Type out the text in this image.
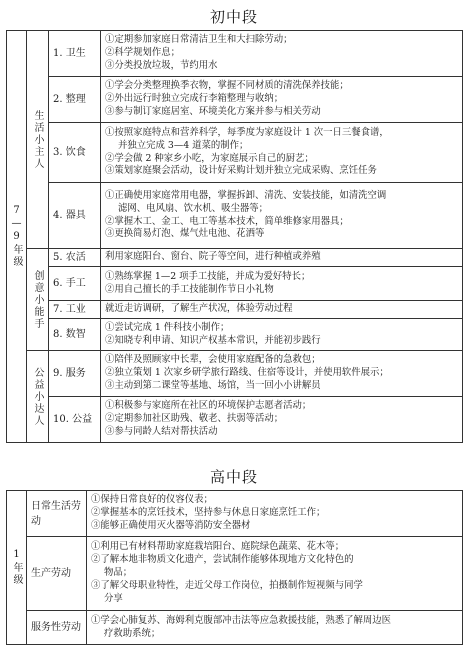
初中段
7—9年级	生活小主人	1. 卫生	①定期参加家庭日常清洁卫生和大扫除劳动；
②科学规划作息；
③分类投放垃圾，节约用水

		2. 整理	①学会分类整理换季衣物，掌握不同材质的清洗保养技能；
②外出远行时独立完成行李箱整理与收纳；
③参与制订家庭居室、环境美化方案并参与相关劳动

		3. 饮食	①按照家庭特点和营养科学，每季度为家庭设计 1 次一日三餐食谱，
并独立完成 3—4 道菜的制作；
②学会做 2 种家乡小吃，为家庭展示自己的厨艺；
③策划家庭聚会活动，设计好采购计划并独立完成采购、烹饪任务

		4. 器具	①正确使用家庭常用电器，掌握拆卸、清洗、安装技能，如清洗空调
滤网、电风扇、饮水机、吸尘器等；
②掌握木工、金工、电工等基本技术，简单维修家用器具；
③更换简易灯泡、煤气灶电池、花洒等

	创意小能手	5. 农活	利用家庭阳台、窗台、院子等空间，进行种植或养殖

		6. 手工	①熟练掌握 1—2 项手工技能，并成为爱好特长；
②用自己擅长的手工技能制作节日小礼物

		7. 工业	就近走访调研，了解生产状况，体验劳动过程

		8. 数智	①尝试完成 1 件科技小制作；
②知晓专利申请、知识产权基本常识，并能初步践行

	公益小达人	9. 服务	①陪伴及照顾家中长辈，会使用家庭配备的急救包；
②独立策划 1 次家乡研学旅行路线、住宿等设计，并使用软件展示；
③主动到第二课堂等基地、场馆，当一回小小讲解员

		10. 公益	①积极参与家庭所在社区的环境保护志愿者活动；
②定期参加社区助残、敬老、扶弱等活动；
③参与同龄人结对帮扶活动
高中段
1年级	日常生活劳动	①保持日常良好的仪容仪表；
②掌握基本的烹饪技术，坚持参与休息日家庭烹饪工作；
③能够正确使用灭火器等消防安全器材

	生产劳动	①利用已有材料帮助家庭栽培阳台、庭院绿色蔬菜、花木等；
②了解本地非物质文化遗产，尝试制作能够体现地方文化特色的
物品；
③了解父母职业特性，走近父母工作岗位，拍摄制作短视频与同学
分享

	服务性劳动	①学会心肺复苏、海姆利克腹部冲击法等应急救援技能，熟悉了解周边医
疗救助系统；
